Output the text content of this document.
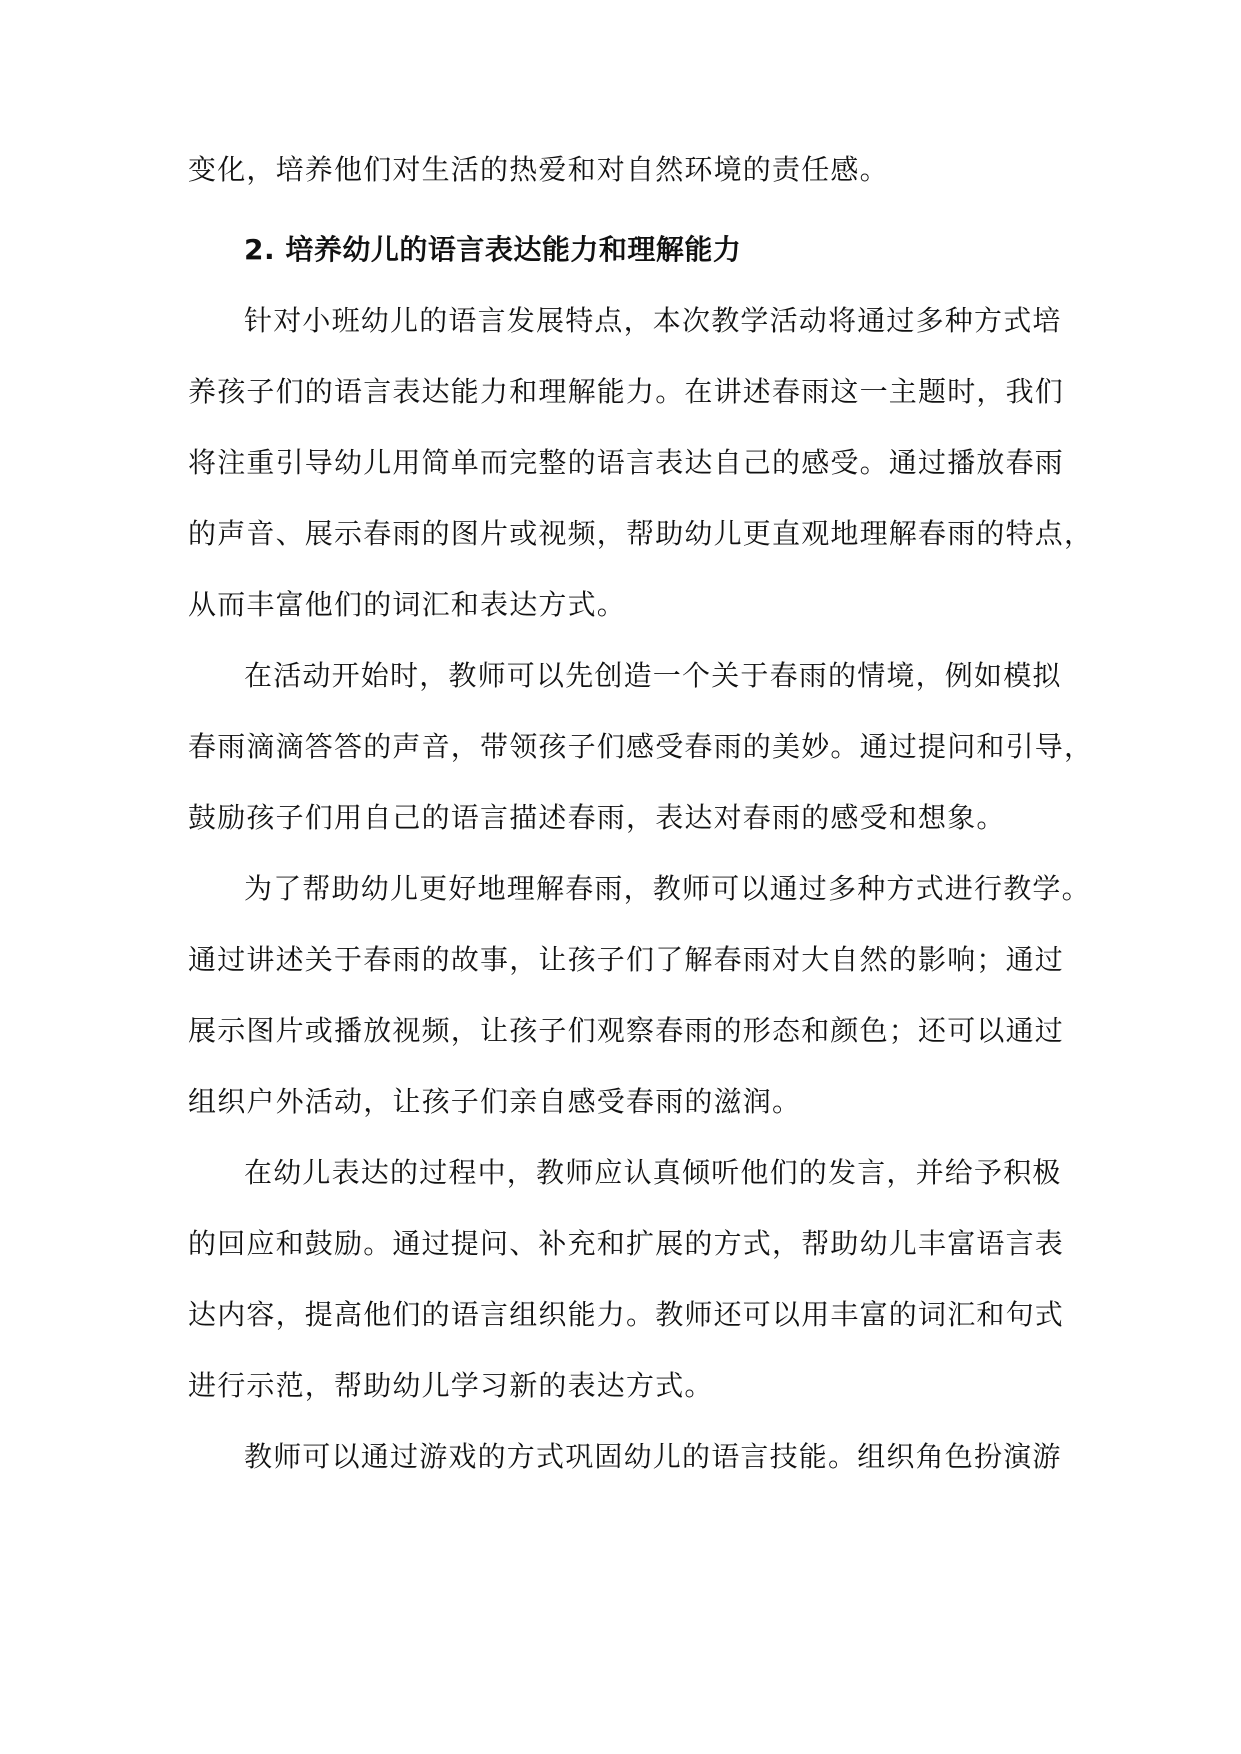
变化，培养他们对生活的热爱和对自然环境的责任感。
2. 培养幼儿的语言表达能力和理解能力
针对小班幼儿的语言发展特点，本次教学活动将通过多种方式培
养孩子们的语言表达能力和理解能力。在讲述春雨这一主题时，我们
将注重引导幼儿用简单而完整的语言表达自己的感受。通过播放春雨
的声音、展示春雨的图片或视频，帮助幼儿更直观地理解春雨的特点，
从而丰富他们的词汇和表达方式。
在活动开始时，教师可以先创造一个关于春雨的情境，例如模拟
春雨滴滴答答的声音，带领孩子们感受春雨的美妙。通过提问和引导，
鼓励孩子们用自己的语言描述春雨，表达对春雨的感受和想象。
为了帮助幼儿更好地理解春雨，教师可以通过多种方式进行教学。
通过讲述关于春雨的故事，让孩子们了解春雨对大自然的影响；通过
展示图片或播放视频，让孩子们观察春雨的形态和颜色；还可以通过
组织户外活动，让孩子们亲自感受春雨的滋润。
在幼儿表达的过程中，教师应认真倾听他们的发言，并给予积极
的回应和鼓励。通过提问、补充和扩展的方式，帮助幼儿丰富语言表
达内容，提高他们的语言组织能力。教师还可以用丰富的词汇和句式
进行示范，帮助幼儿学习新的表达方式。
教师可以通过游戏的方式巩固幼儿的语言技能。组织角色扮演游
